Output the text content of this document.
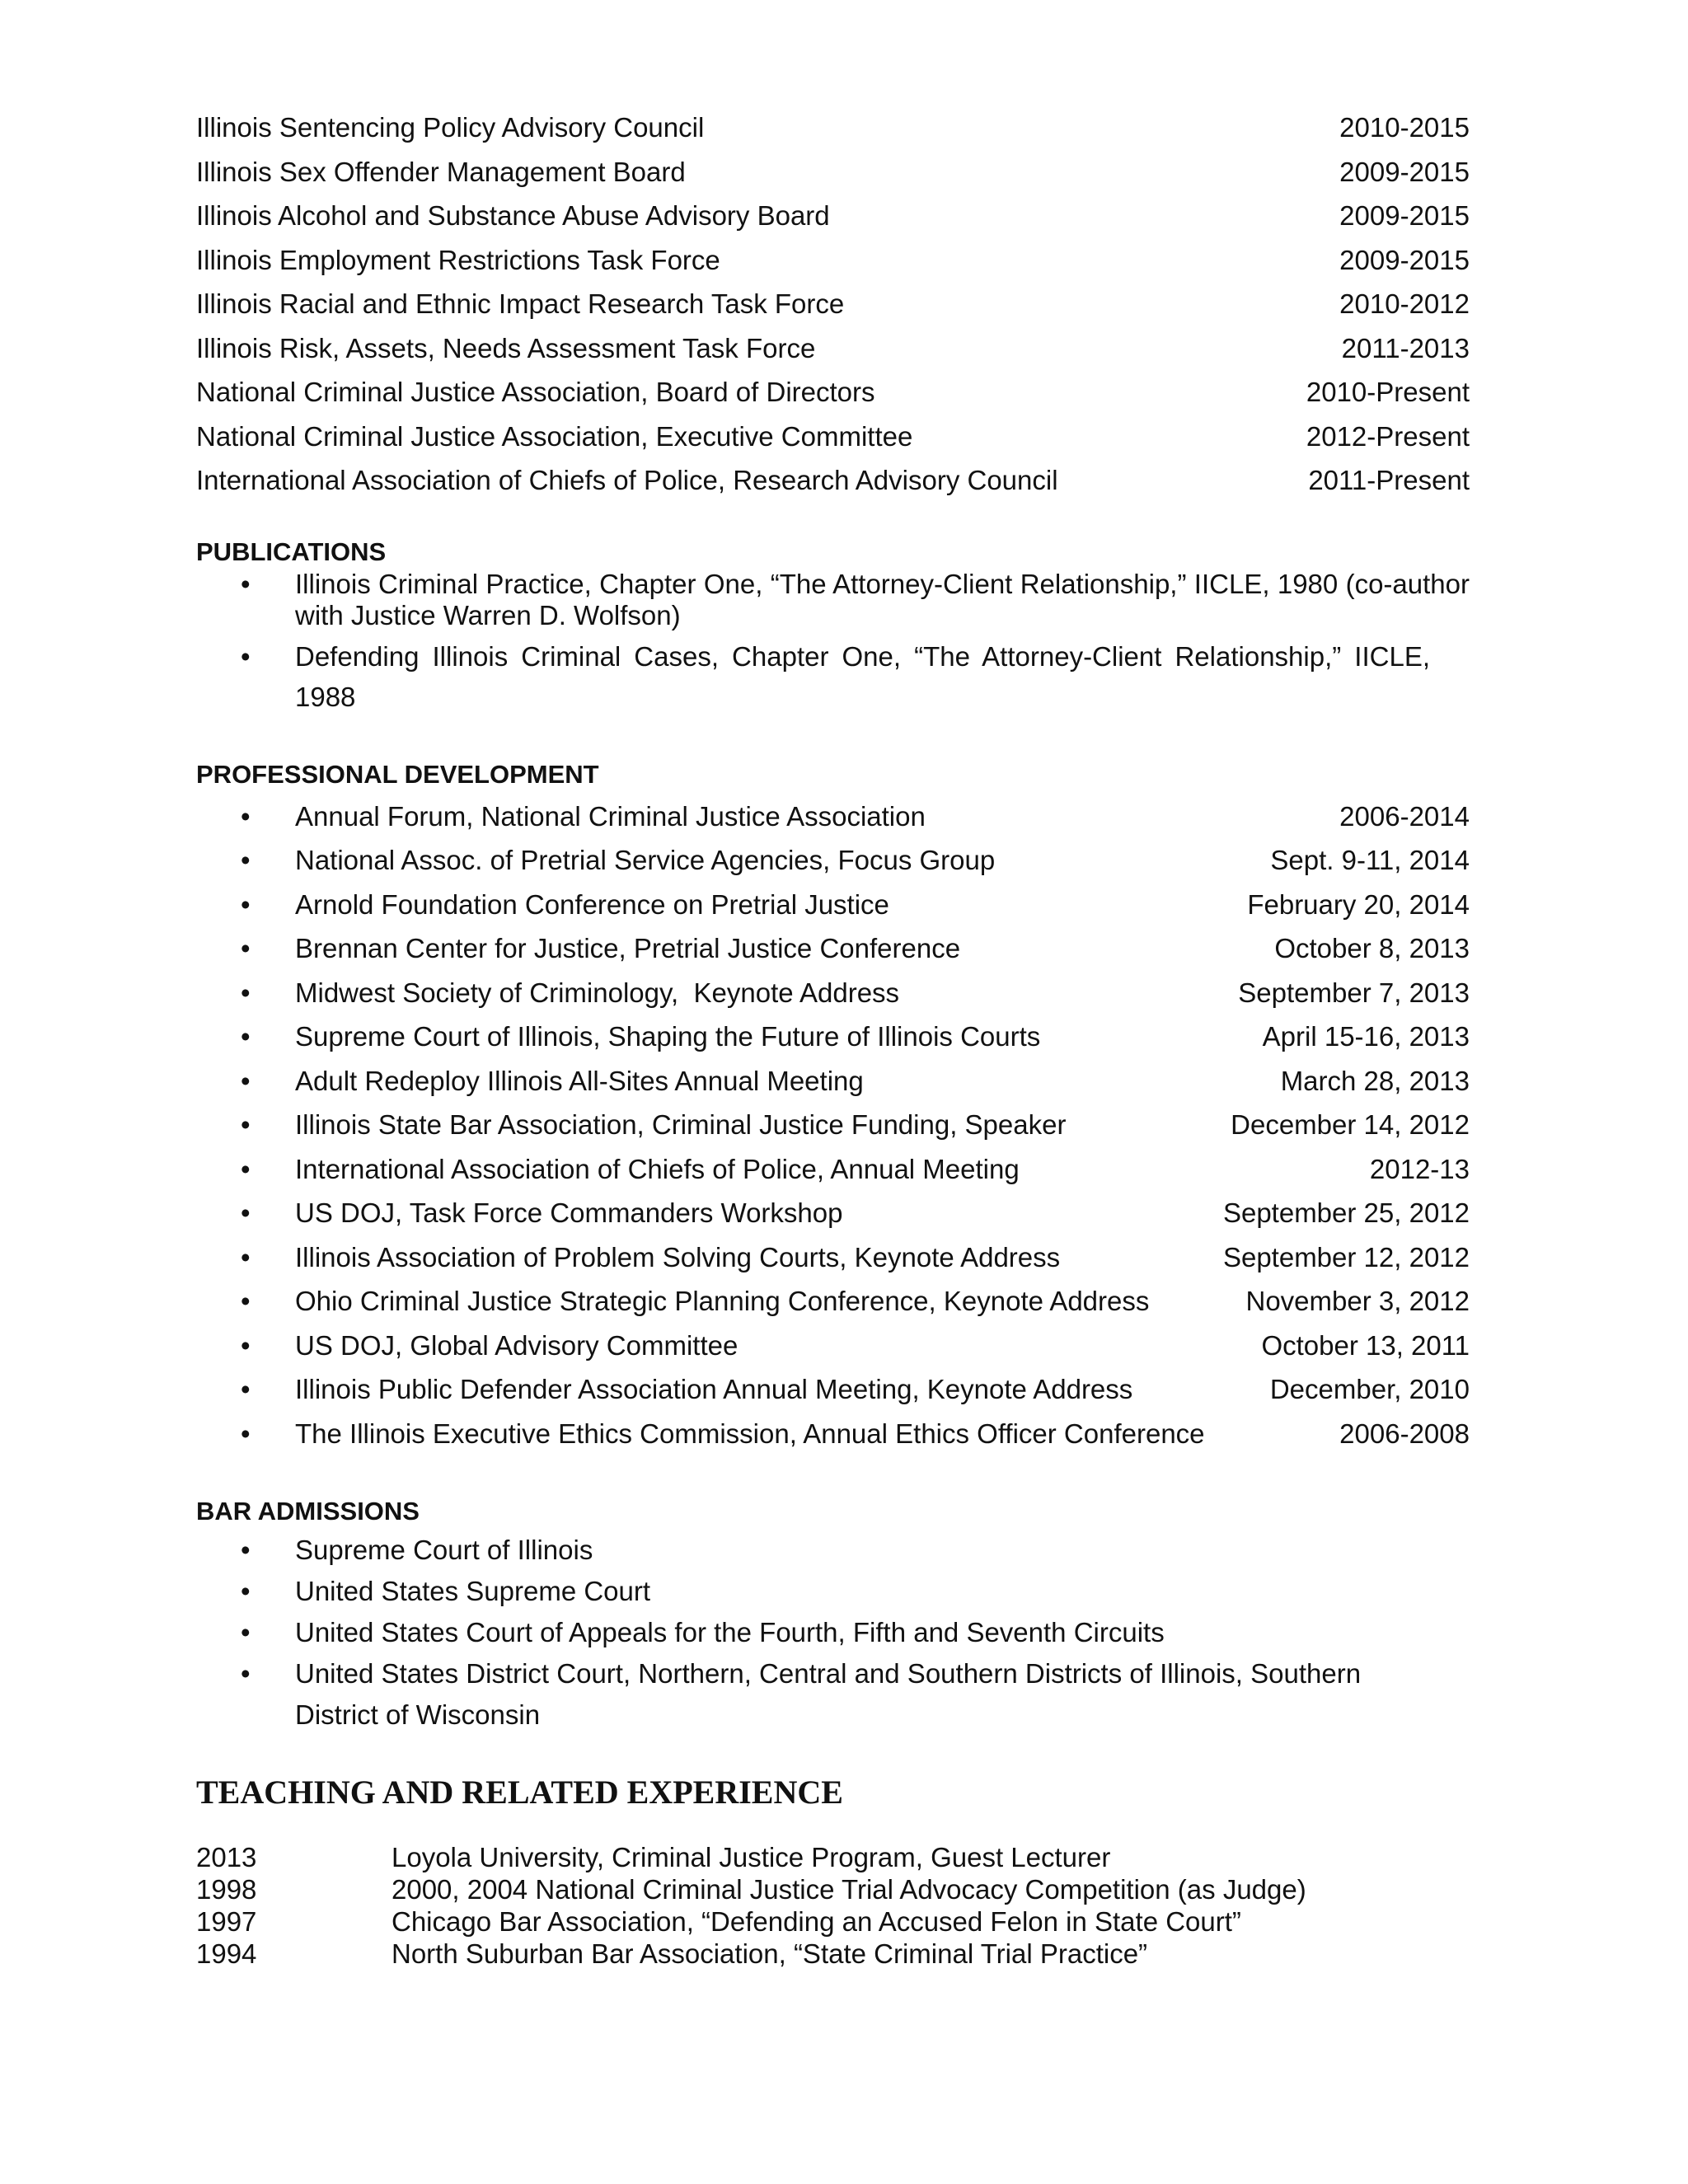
Illinois Sentencing Policy Advisory Council	2010-2015
Illinois Sex Offender Management Board	2009-2015
Illinois Alcohol and Substance Abuse Advisory Board	2009-2015
Illinois Employment Restrictions Task Force	2009-2015
Illinois Racial and Ethnic Impact Research Task Force	2010-2012
Illinois Risk, Assets, Needs Assessment Task Force	2011-2013
National Criminal Justice Association, Board of Directors	2010-Present
National Criminal Justice Association, Executive Committee	2012-Present
International Association of Chiefs of Police, Research Advisory Council	2011-Present
PUBLICATIONS
• Illinois Criminal Practice, Chapter One, “The Attorney-Client Relationship,” IICLE, 1980 (co-author with Justice Warren D. Wolfson)
• Defending Illinois Criminal Cases, Chapter One, “The Attorney-Client Relationship,” IICLE, 1988
PROFESSIONAL DEVELOPMENT
• Annual Forum, National Criminal Justice Association	2006-2014
• National Assoc. of Pretrial Service Agencies, Focus Group	Sept. 9-11, 2014
• Arnold Foundation Conference on Pretrial Justice	February 20, 2014
• Brennan Center for Justice, Pretrial Justice Conference	October 8, 2013
• Midwest Society of Criminology,  Keynote Address	September 7, 2013
• Supreme Court of Illinois, Shaping the Future of Illinois Courts	April 15-16, 2013
• Adult Redeploy Illinois All-Sites Annual Meeting	March 28, 2013
• Illinois State Bar Association, Criminal Justice Funding, Speaker	December 14, 2012
• International Association of Chiefs of Police, Annual Meeting	2012-13
• US DOJ, Task Force Commanders Workshop	September 25, 2012
• Illinois Association of Problem Solving Courts, Keynote Address	September 12, 2012
• Ohio Criminal Justice Strategic Planning Conference, Keynote Address	November 3, 2012
• US DOJ, Global Advisory Committee	October 13, 2011
• Illinois Public Defender Association Annual Meeting, Keynote Address	December, 2010
• The Illinois Executive Ethics Commission, Annual Ethics Officer Conference	2006-2008
BAR ADMISSIONS
• Supreme Court of Illinois
• United States Supreme Court
• United States Court of Appeals for the Fourth, Fifth and Seventh Circuits
• United States District Court, Northern, Central and Southern Districts of Illinois, Southern District of Wisconsin
TEACHING AND RELATED EXPERIENCE
2013	Loyola University, Criminal Justice Program, Guest Lecturer
1998	2000, 2004 National Criminal Justice Trial Advocacy Competition (as Judge)
1997	Chicago Bar Association, “Defending an Accused Felon in State Court”
1994	North Suburban Bar Association, “State Criminal Trial Practice”
